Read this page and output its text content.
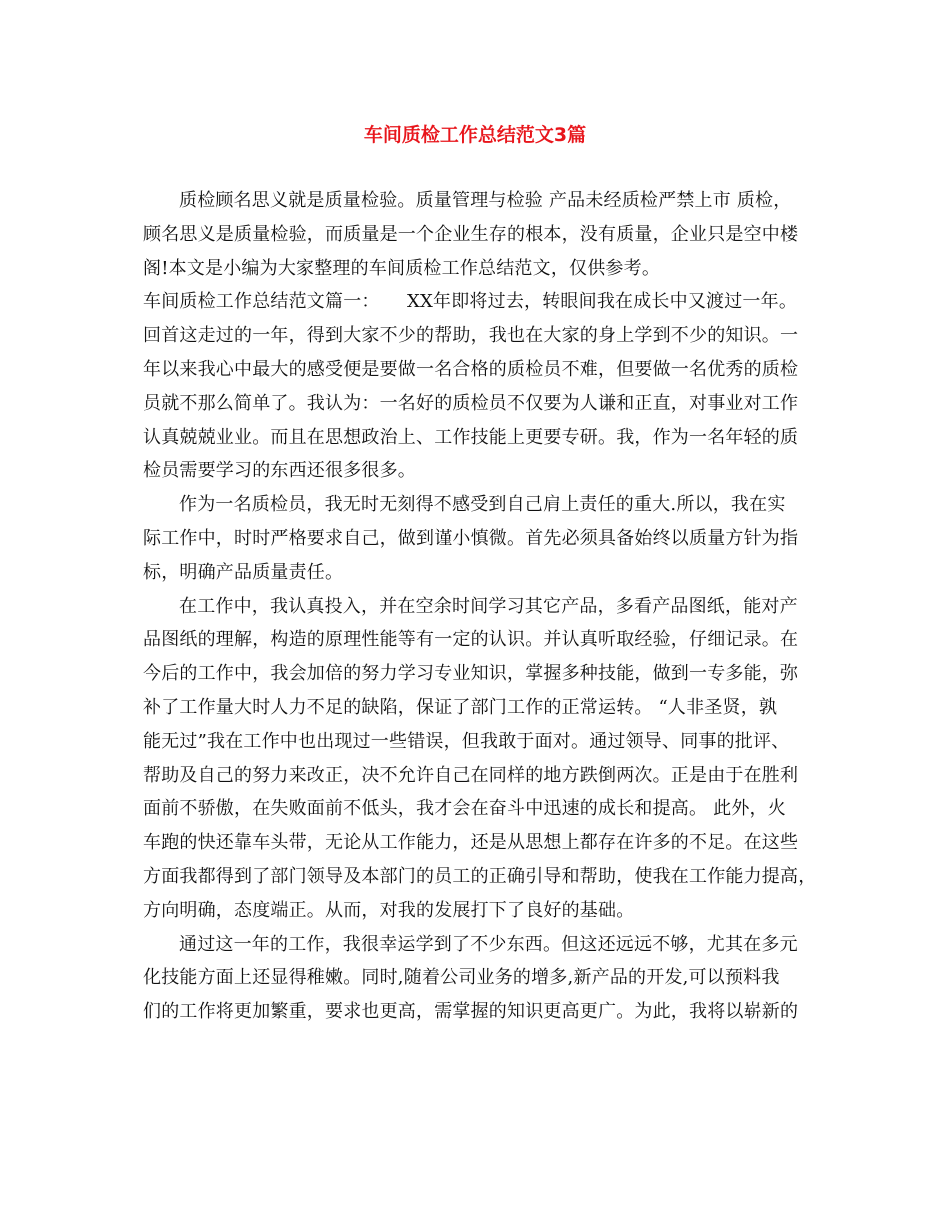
车间质检工作总结范文3篇
质检顾名思义就是质量检验。质量管理与检验 产品未经质检严禁上市 质检，
顾名思义是质量检验，而质量是一个企业生存的根本，没有质量，企业只是空中楼
阁!本文是小编为大家整理的车间质检工作总结范文，仅供参考。
车间质检工作总结范文篇一：　　XX年即将过去，转眼间我在成长中又渡过一年。
回首这走过的一年，得到大家不少的帮助，我也在大家的身上学到不少的知识。一
年以来我心中最大的感受便是要做一名合格的质检员不难，但要做一名优秀的质检
员就不那么简单了。我认为：一名好的质检员不仅要为人谦和正直，对事业对工作
认真兢兢业业。而且在思想政治上、工作技能上更要专研。我，作为一名年轻的质
检员需要学习的东西还很多很多。
作为一名质检员，我无时无刻得不感受到自己肩上责任的重大.所以，我在实
际工作中，时时严格要求自己，做到谨小慎微。首先必须具备始终以质量方针为指
标，明确产品质量责任。
在工作中，我认真投入，并在空余时间学习其它产品，多看产品图纸，能对产
品图纸的理解，构造的原理性能等有一定的认识。并认真听取经验，仔细记录。在
今后的工作中，我会加倍的努力学习专业知识，掌握多种技能，做到一专多能，弥
补了工作量大时人力不足的缺陷，保证了部门工作的正常运转。 “人非圣贤，孰
能无过”我在工作中也出现过一些错误，但我敢于面对。通过领导、同事的批评、
帮助及自己的努力来改正，决不允许自己在同样的地方跌倒两次。正是由于在胜利
面前不骄傲，在失败面前不低头，我才会在奋斗中迅速的成长和提高。 此外，火
车跑的快还靠车头带，无论从工作能力，还是从思想上都存在许多的不足。在这些
方面我都得到了部门领导及本部门的员工的正确引导和帮助，使我在工作能力提高，
方向明确，态度端正。从而，对我的发展打下了良好的基础。
通过这一年的工作，我很幸运学到了不少东西。但这还远远不够，尤其在多元
化技能方面上还显得稚嫩。同时,随着公司业务的增多,新产品的开发,可以预料我
们的工作将更加繁重，要求也更高，需掌握的知识更高更广。为此，我将以崭新的
